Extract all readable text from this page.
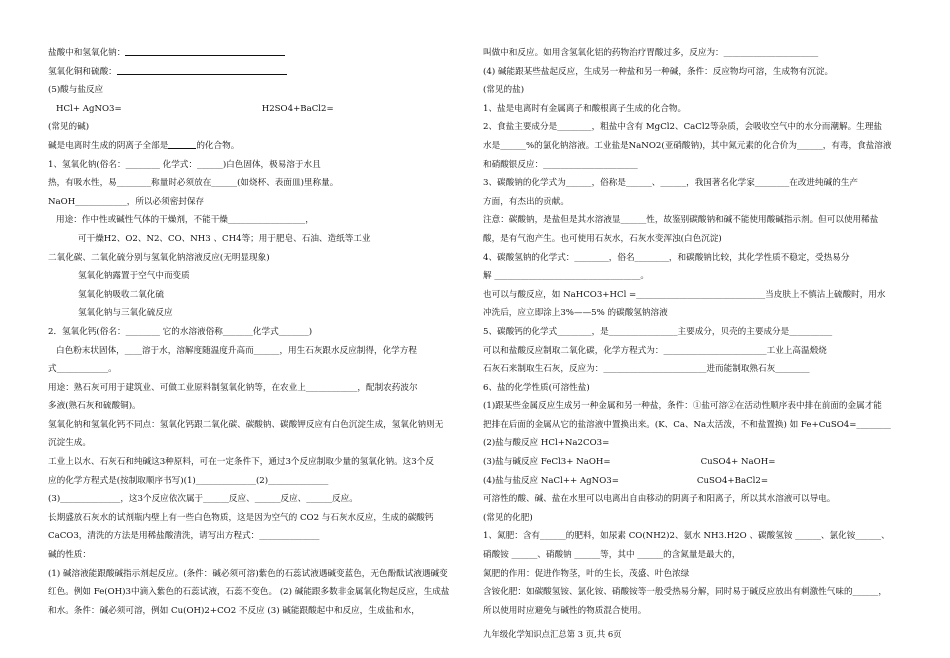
盐酸中和氢氧化钠：
氢氧化铜和硫酸：
(5)酸与盐反应
HCl+ AgNO3=	H2SO4+BaCl2=
(常见的碱)
碱是电离时生成的阴离子全部是	的化合物。
1、氢氧化钠(俗名：________ 化学式：______)白色固体，极易溶于水且
热，有吸水性，易________称量时必须放在______(如烧杯、表面皿)里称量。
NaOH____________，所以必须密封保存
用途：作中性或碱性气体的干燥剂，不能干燥__________________，
可干燥H2、O2、N2、CO、NH3 、CH4等；用于肥皂、石油、造纸等工业
二氧化碳、二氧化硫分别与氢氧化钠溶液反应(无明显现象)
氢氧化钠露置于空气中而变质
氢氧化钠吸收二氧化硫
氢氧化钠与三氧化硫反应
2．氢氧化钙(俗名：________ 它的水溶液俗称_______化学式_______)
白色粉末状固体，____溶于水，溶解度随温度升高而______，用生石灰跟水反应制得，化学方程
式____________。
用途：熟石灰可用于建筑业、可做工业原料制氢氧化钠等，在农业上____________，配制农药波尔
多液(熟石灰和硫酸铜)。
氢氧化钠和氢氧化钙不同点：氢氧化钙跟二氧化碳、碳酸钠、碳酸钾反应有白色沉淀生成，氢氧化钠则无
沉淀生成。
工业上以水、石灰石和纯碱这3种原料，可在一定条件下，通过3个反应制取少量的氢氧化钠。这3个反
应的化学方程式是(按制取顺序书写)(1)______________(2)______________
(3)______________，这3个反应依次属于______反应、______反应、______反应。
长期盛放石灰水的试剂瓶内壁上有一些白色物质，这是因为空气的 CO2 与石灰水反应，生成的碳酸钙
CaCO3，清洗的方法是用稀盐酸清洗，请写出方程式：______________
碱的性质：
(1) 碱溶液能跟酸碱指示剂起反应。(条件：碱必须可溶)紫色的石蕊试液遇碱变蓝色，无色酚酞试液遇碱变
红色。例如 Fe(OH)3中滴入紫色的石蕊试液，石蕊不变色。 (2) 碱能跟多数非金属氧化物起反应，生成盐
和水。条件：碱必须可溶，例如 Cu(OH)2+CO2 不反应 (3) 碱能跟酸起中和反应，生成盐和水，
叫做中和反应。如用含氢氧化铝的药物治疗胃酸过多，反应为：______________________
(4) 碱能跟某些盐起反应，生成另一种盐和另一种碱，条件：反应物均可溶，生成物有沉淀。
(常见的盐)
1、盐是电离时有金属离子和酸根离子生成的化合物。
2、食盐主要成分是________，粗盐中含有 MgCl2、CaCl2等杂质，会吸收空气中的水分而潮解。生理盐
水是______%的氯化钠溶液。工业盐是NaNO2(亚硝酸钠)，其中氮元素的化合价为______，有毒，食盐溶液
和硝酸银反应：______________________
3、碳酸钠的化学式为______，俗称是______、______，我国著名化学家________在改进纯碱的生产
方面，有杰出的贡献。
注意：碳酸钠，是盐但是其水溶液显______性，故鉴别碳酸钠和碱不能使用酸碱指示剂。但可以使用稀盐
酸，是有气泡产生。也可使用石灰水，石灰水变浑浊(白色沉淀)
4、碳酸氢钠的化学式：________，俗名________，和碳酸钠比较，其化学性质不稳定，受热易分
解 __________________________________。
也可以与酸反应，如 NaHCO3+HCl =______________________________当皮肤上不慎沾上硫酸时，用水
冲洗后，应立即涂上3%——5% 的碳酸氢钠溶液
5、碳酸钙的化学式________，是________________主要成分，贝壳的主要成分是__________
可以和盐酸反应制取二氧化碳，化学方程式为：________________________工业上高温煅烧
石灰石来制取生石灰，反应为：________________________进而能制取熟石灰________
6、盐的化学性质(可溶性盐)
(1)跟某些金属反应生成另一种金属和另一种盐，条件：①盐可溶②在活动性顺序表中排在前面的金属才能
把排在后面的金属从它的盐溶液中置换出来。(K、Ca、Na太活泼，不和盐置换) 如 Fe+CuSO4=________
(2)盐与酸反应 HCl+Na2CO3=
(3)盐与碱反应 FeCl3+ NaOH=	CuSO4+ NaOH=
(4)盐与盐反应 NaCl++ AgNO3=	CuSO4+BaCl2=
可溶性的酸、碱、盐在水里可以电离出自由移动的阴离子和阳离子，所以其水溶液可以导电。
(常见的化肥)
1、氮肥：含有______的肥料，如尿素 CO(NH2)2、氨水 NH3.H2O 、碳酸氢铵 ______、氯化铵______、
硝酸铵 ______、硝酸钠 ______等，其中 ______的含氮量是最大的，
氮肥的作用：促进作物茎，叶的生长，茂盛、叶色浓绿
含铵化肥：如碳酸氢铵、氯化铵、硝酸铵等一般受热易分解，同时易于碱反应放出有刺激性气味的______，
所以使用时应避免与碱性的物质混合使用。
九年级化学知识点汇总第 3 页,共 6页
